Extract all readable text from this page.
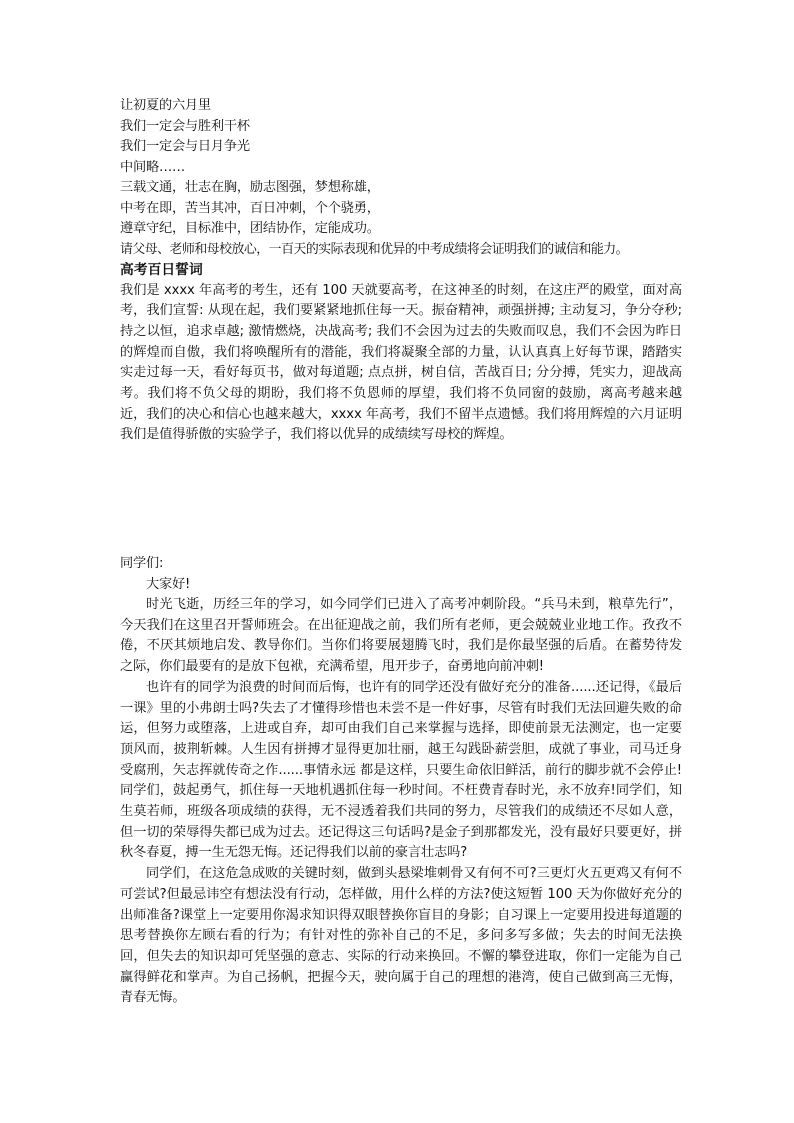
让初夏的六月里
我们一定会与胜利干杯
我们一定会与日月争光
中间略……
三载文通，壮志在胸，励志图强，梦想称雄，
中考在即，苦当其冲，百日冲刺，个个骁勇，
遵章守纪，目标准中，团结协作，定能成功。
请父母、老师和母校放心，一百天的实际表现和优异的中考成绩将会证明我们的诚信和能力。
高考百日誓词

我们是 xxxx 年高考的考生，还有 100 天就要高考，在这神圣的时刻，在这庄严的殿堂，面对高考，我们宣誓: 从现在起，我们要紧紧地抓住每一天。振奋精神，顽强拼搏; 主动复习，争分夺秒; 持之以恒，追求卓越; 激情燃烧，决战高考; 我们不会因为过去的失败而叹息，我们不会因为昨日的辉煌而自傲，我们将唤醒所有的潜能，我们将凝聚全部的力量，认认真真上好每节课，踏踏实实走过每一天，看好每页书，做对每道题; 点点拼，树自信，苦战百日; 分分搏，凭实力，迎战高考。我们将不负父母的期盼，我们将不负恩师的厚望，我们将不负同窗的鼓励，离高考越来越近，我们的决心和信心也越来越大，xxxx 年高考，我们不留半点遗憾。我们将用辉煌的六月证明我们是值得骄傲的实验学子，我们将以优异的成绩续写母校的辉煌。

同学们:
大家好!

时光飞逝，历经三年的学习，如今同学们已进入了高考冲刺阶段。“兵马未到，粮草先行”，今天我们在这里召开誓师班会。在出征迎战之前，我们所有老师，更会兢兢业业地工作。孜孜不倦，不厌其烦地启发、教导你们。当你们将要展翅腾飞时，我们是你最坚强的后盾。在蓄势待发之际，你们最要有的是放下包袱，充满希望，甩开步子，奋勇地向前冲刺!

也许有的同学为浪费的时间而后悔，也许有的同学还没有做好充分的准备......还记得，《最后一课》里的小弗朗士吗?失去了才懂得珍惜也未尝不是一件好事，尽管有时我们无法回避失败的命运，但努力或堕落，上进或自弃，却可由我们自己来掌握与选择，即使前景无法测定，也一定要顶风而，披荆斩棘。人生因有拼搏才显得更加壮丽，越王勾践卧薪尝胆，成就了事业，司马迁身受腐刑，矢志挥就传奇之作......事情永远 都是这样，只要生命依旧鲜活，前行的脚步就不会停止!同学们，鼓起勇气，抓住每一天地机遇抓住每一秒时间。不枉费青春时光，永不放弃!同学们，知生莫若师，班级各项成绩的获得，无不浸透着我们共同的努力，尽管我们的成绩还不尽如人意，但一切的荣辱得失都已成为过去。还记得这三句话吗?是金子到那都发光，没有最好只要更好，拼秋冬春夏，搏一生无怨无悔。还记得我们以前的豪言壮志吗?

同学们，在这危急成败的关键时刻，做到头悬梁堆刺骨又有何不可?三更灯火五更鸡又有何不可尝试?但最忌讳空有想法没有行动，怎样做，用什么样的方法?使这短暂 100 天为你做好充分的出师准备?课堂上一定要用你渴求知识得双眼替换你盲目的身影；自习课上一定要用投进每道题的思考替换你左顾右看的行为；有针对性的弥补自己的不足，多问多写多做；失去的时间无法换回，但失去的知识却可凭坚强的意志、实际的行动来换回。不懈的攀登进取，你们一定能为自己赢得鲜花和掌声。为自己扬帆，把握今天，驶向属于自己的理想的港湾，使自己做到高三无悔，青春无悔。
